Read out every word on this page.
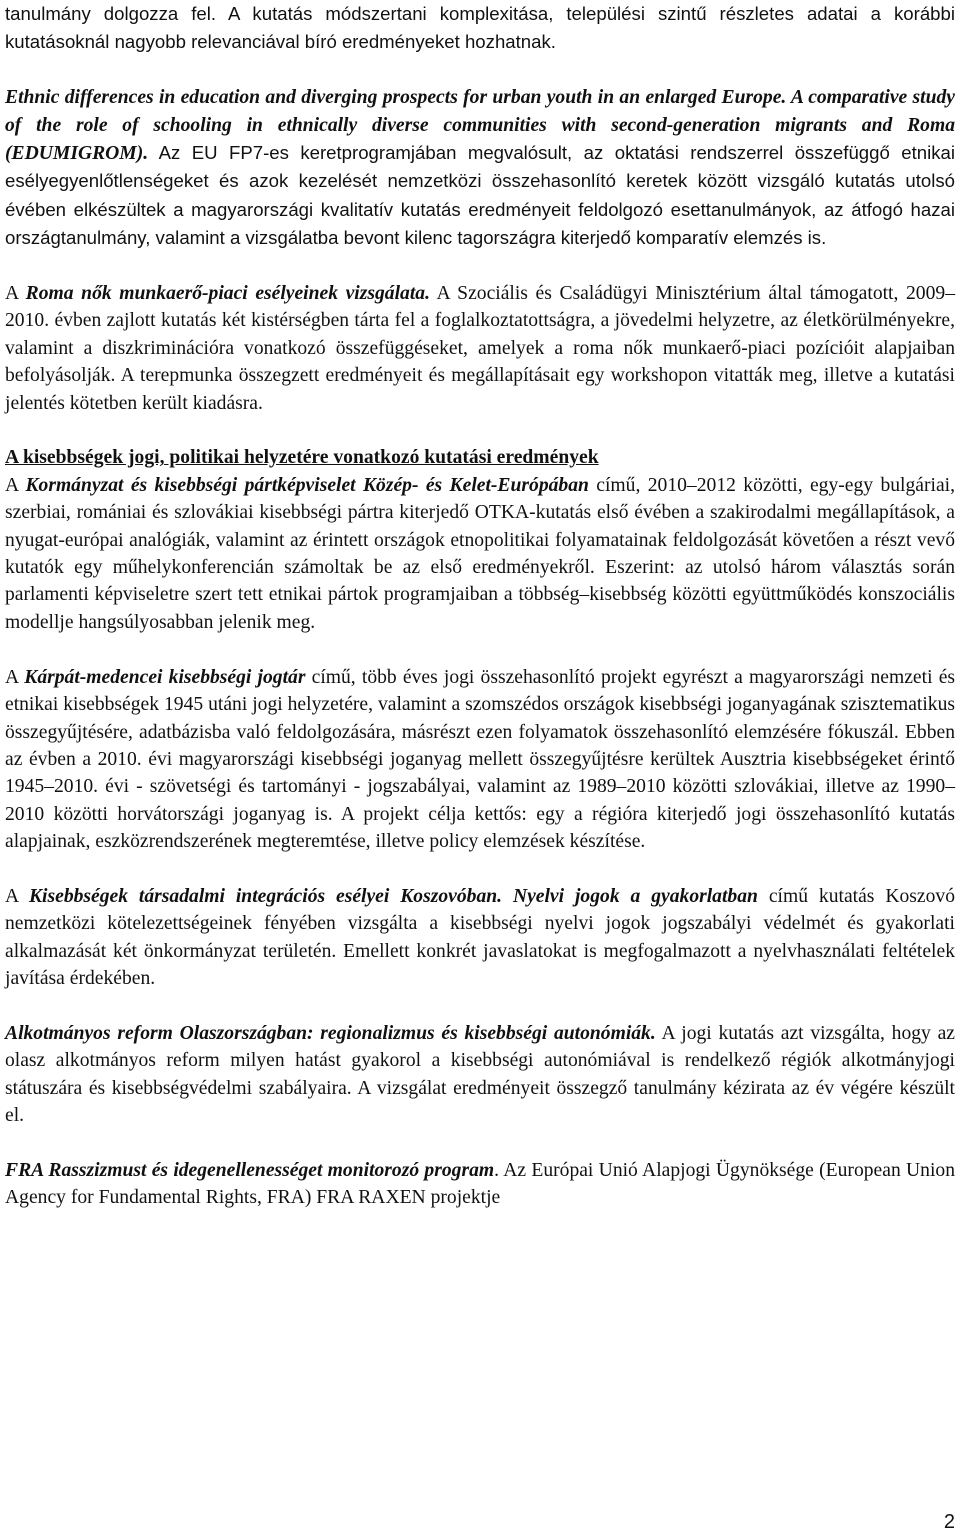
tanulmány dolgozza fel. A kutatás módszertani komplexitása, települési szintű részletes adatai a korábbi kutatásoknál nagyobb relevanciával bíró eredményeket hozhatnak.

Ethnic differences in education and diverging prospects for urban youth in an enlarged Europe. A comparative study of the role of schooling in ethnically diverse communities with second-generation migrants and Roma (EDUMIGROM). Az EU FP7-es keretprogramjában megvalósult, az oktatási rendszerrel összefüggő etnikai esélyegyenlőtlenségeket és azok kezelését nemzetközi összehasonlító keretek között vizsgáló kutatás utolsó évében elkészültek a magyarországi kvalitatív kutatás eredményeit feldolgozó esettanulmányok, az átfogó hazai országtanulmány, valamint a vizsgálatba bevont kilenc tagországra kiterjedő komparatív elemzés is.

A Roma nők munkaerő-piaci esélyeinek vizsgálata. A Szociális és Családügyi Minisztérium által támogatott, 2009–2010. évben zajlott kutatás két kistérségben tárta fel a foglalkoztatottságra, a jövedelmi helyzetre, az életkörülményekre, valamint a diszkriminációra vonatkozó összefüggéseket, amelyek a roma nők munkaerő-piaci pozícióit alapjaiban befolyásolják. A terepmunka összegzett eredményeit és megállapításait egy workshopon vitatták meg, illetve a kutatási jelentés kötetben került kiadásra.

A kisebbségek jogi, politikai helyzetére vonatkozó kutatási eredmények

A Kormányzat és kisebbségi pártképviselet Közép- és Kelet-Európában című, 2010–2012 közötti, egy-egy bulgáriai, szerbiai, romániai és szlovákiai kisebbségi pártra kiterjedő OTKA-kutatás első évében a szakirodalmi megállapítások, a nyugat-európai analógiák, valamint az érintett országok etnopolitikai folyamatainak feldolgozását követően a részt vevő kutatók egy műhelykonferencián számoltak be az első eredményekről. Eszerint: az utolsó három választás során parlamenti képviseletre szert tett etnikai pártok programjaiban a többség–kisebbség közötti együttműködés konszociális modellje hangsúlyosabban jelenik meg.

A Kárpát-medencei kisebbségi jogtár című, több éves jogi összehasonlító projekt egyrészt a magyarországi nemzeti és etnikai kisebbségek 1945 utáni jogi helyzetére, valamint a szomszédos országok kisebbségi joganyagának szisztematikus összegyűjtésére, adatbázisba való feldolgozására, másrészt ezen folyamatok összehasonlító elemzésére fókuszál. Ebben az évben a 2010. évi magyarországi kisebbségi joganyag mellett összegyűjtésre kerültek Ausztria kisebbségeket érintő 1945–2010. évi - szövetségi és tartományi - jogszabályai, valamint az 1989–2010 közötti szlovákiai, illetve az 1990–2010 közötti horvátországi joganyag is. A projekt célja kettős: egy a régióra kiterjedő jogi összehasonlító kutatás alapjainak, eszközrendszerének megteremtése, illetve policy elemzések készítése.

A Kisebbségek társadalmi integrációs esélyei Koszovóban. Nyelvi jogok a gyakorlatban című kutatás Koszovó nemzetközi kötelezettségeinek fényében vizsgálta a kisebbségi nyelvi jogok jogszabályi védelmét és gyakorlati alkalmazását két önkormányzat területén. Emellett konkrét javaslatokat is megfogalmazott a nyelvhasználati feltételek javítása érdekében.

Alkotmányos reform Olaszországban: regionalizmus és kisebbségi autonómiák. A jogi kutatás azt vizsgálta, hogy az olasz alkotmányos reform milyen hatást gyakorol a kisebbségi autonómiával is rendelkező régiók alkotmányjogi státuszára és kisebbségvédelmi szabályaira. A vizsgálat eredményeit összegző tanulmány kézirata az év végére készült el.

FRA Rasszizmust és idegenellenességet monitorozó program. Az Európai Unió Alapjogi Ügynöksége (European Union Agency for Fundamental Rights, FRA) FRA RAXEN projektje

2
